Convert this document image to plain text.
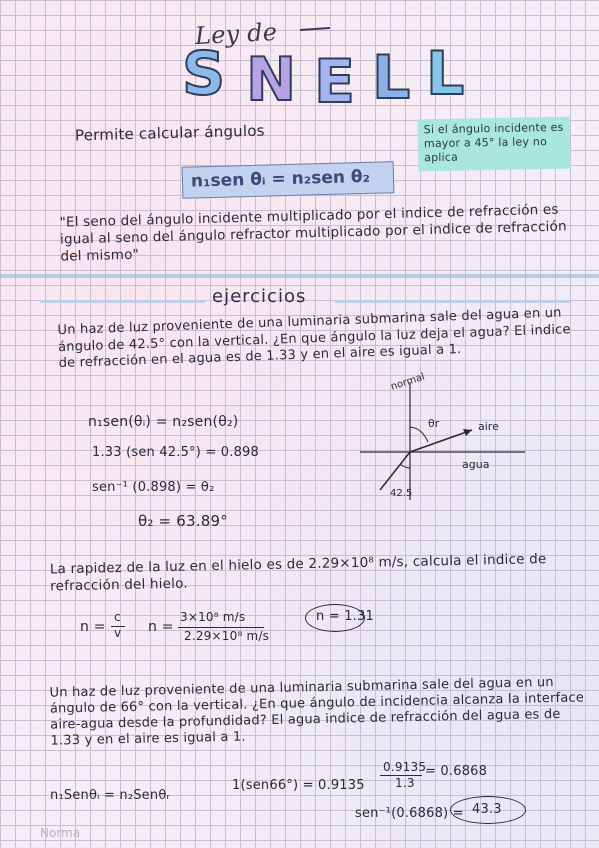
Ley de
S N E L L
Permite calcular ángulos	Si el ángulo incidente es mayor a 45° la ley no aplica
n₁sen θᵢ = n₂sen θ₂
"El seno del ángulo incidente multiplicado por el indice de refracción es igual al seno del ángulo refractor multiplicado por el indice de refracción del mismo"
ejercicios
Un haz de luz proveniente de una luminaria submarina sale del agua en un ángulo de 42.5° con la vertical. ¿En que ángulo la luz deja el agua? El indice de refracción en el agua es de 1.33 y en el aire es igual a 1.
n₁sen(θᵢ) = n₂sen(θ₂)
1.33 (sen 42.5°) = 0.898
sen⁻¹ (0.898) = θ₂
θ₂ = 63.89°
normal
θr	aire
agua
42.5
La rapidez de la luz en el hielo es de 2.29×10⁸ m/s, calcula el indice de refracción del hielo.
n =
c
v n =
3×10⁸ m/s
2.29×10⁸ m/s
n = 1.31
Un haz de luz proveniente de una luminaria submarina sale del agua en un ángulo de 66° con la vertical. ¿En que ángulo de incidencia alcanza la interface aire-agua desde la profundidad? El agua indice de refracción del agua es de 1.33 y en el aire es igual a 1.
n₁Senθᵢ = n₂Senθᵣ
1(sen66°) = 0.9135
0.9135
1.3
= 0.6868
sen⁻¹(0.6868) = 43.3
Norma
